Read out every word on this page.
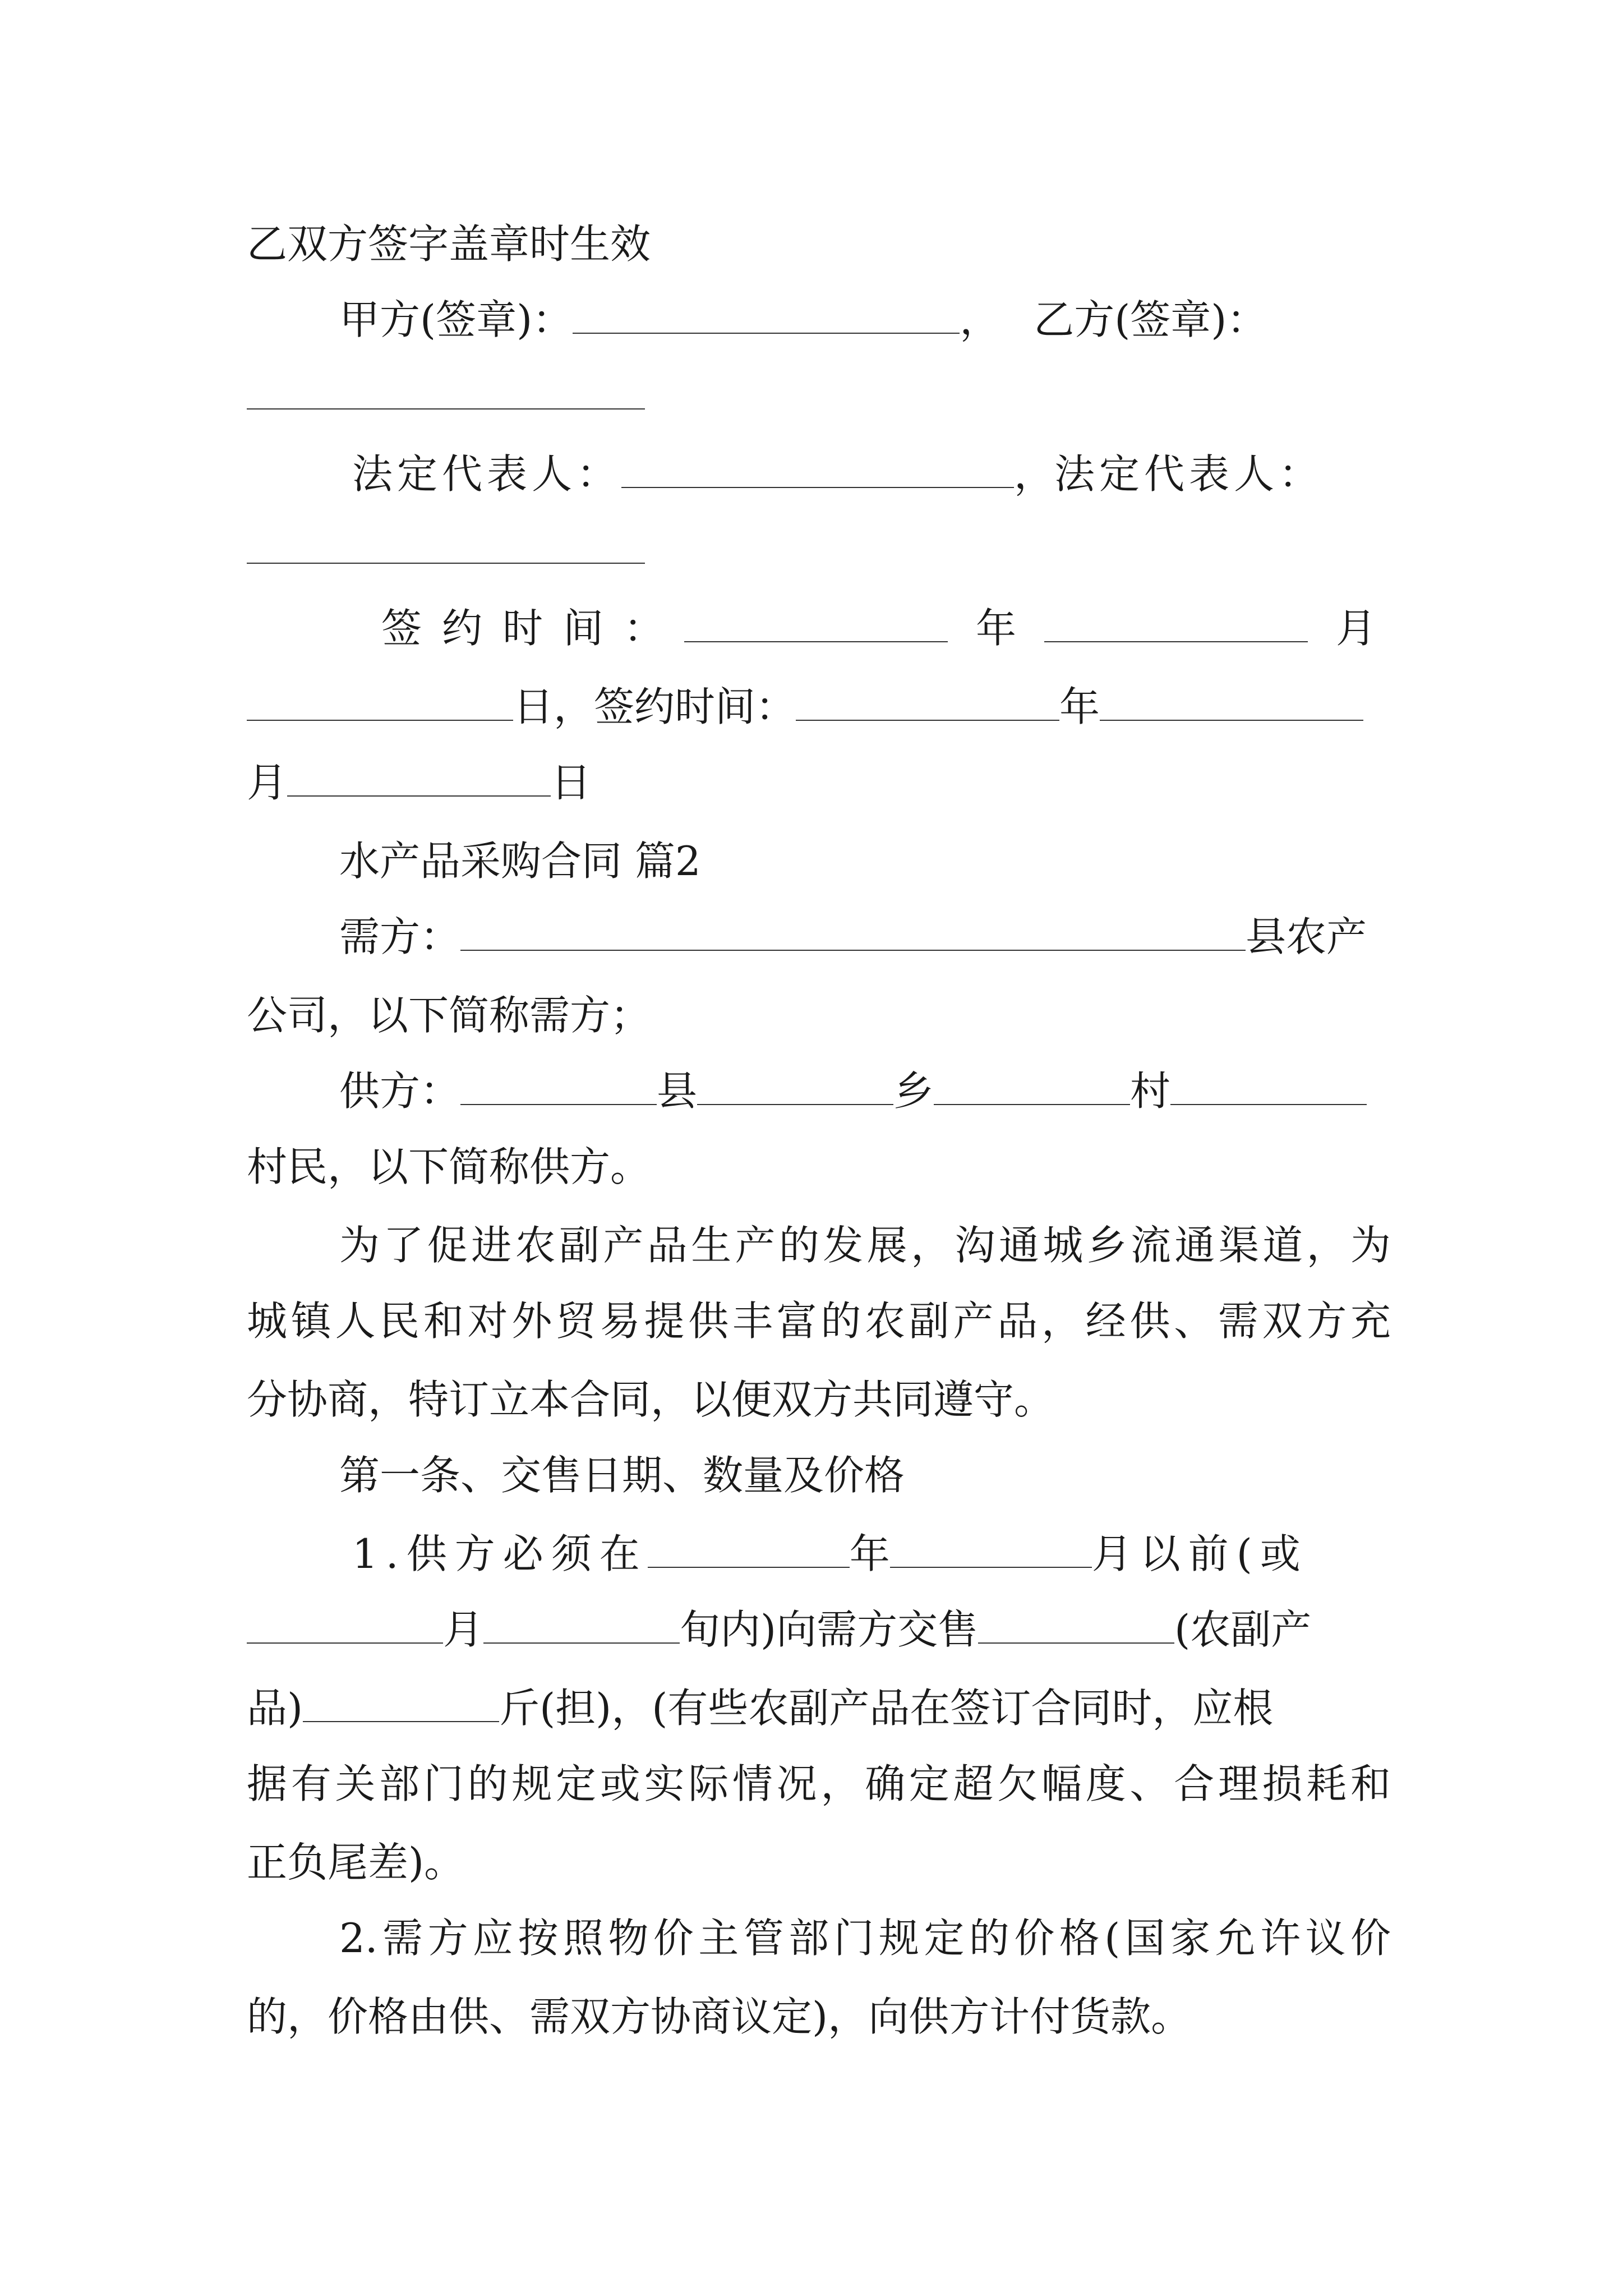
乙双方签字盖章时生效
甲方(签章)：	， 乙方(签章)：
法定代表人：	，法定代表人：
签约时间：	年	月
日，签约时间：	年
月	日
水产品采购合同 篇2
需方：	县农产
公司，以下简称需方；
供方：	县	乡	村
村民，以下简称供方。
为了促进农副产品生产的发展，沟通城乡流通渠道，为
城镇人民和对外贸易提供丰富的农副产品，经供、需双方充
分协商，特订立本合同，以便双方共同遵守。
第一条、交售日期、数量及价格
1.供方必须在	年	月以前(或
月	旬内)向需方交售	(农副产
品)	斤(担)，(有些农副产品在签订合同时，应根
据有关部门的规定或实际情况，确定超欠幅度、合理损耗和
正负尾差)。
2.需方应按照物价主管部门规定的价格(国家允许议价
的，价格由供、需双方协商议定)，向供方计付货款。
